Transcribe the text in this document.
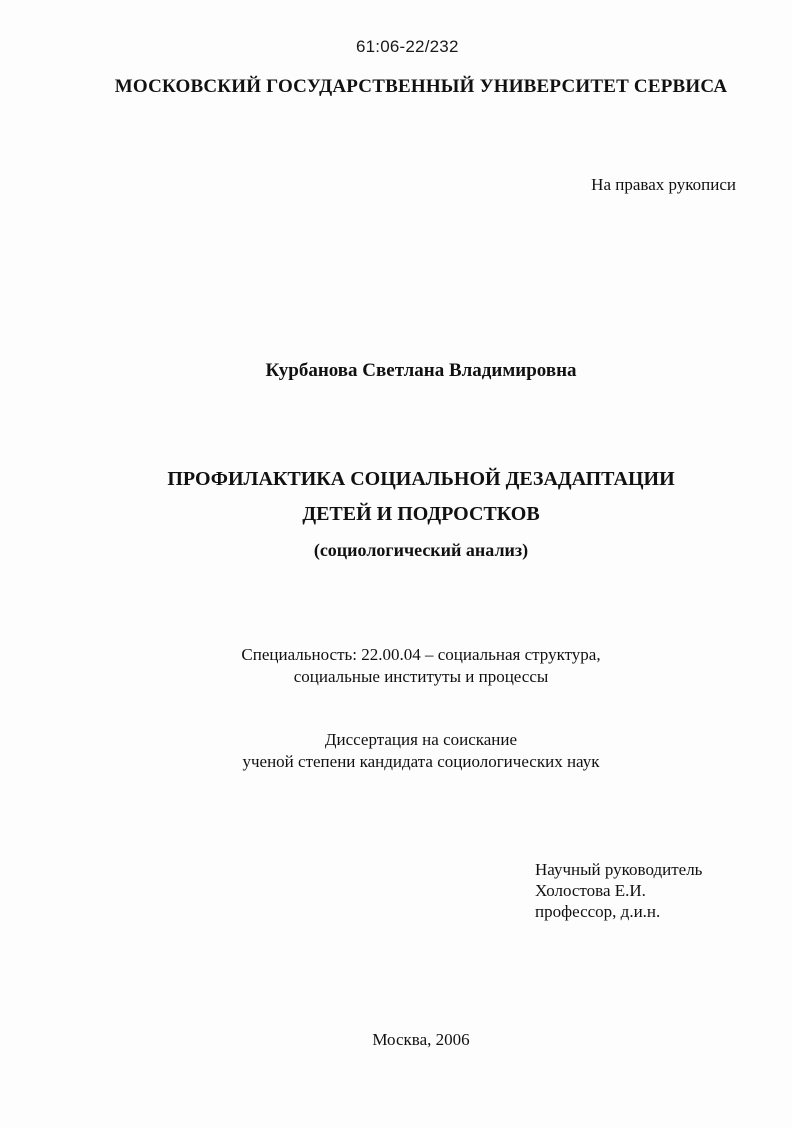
61:06-22/232
МОСКОВСКИЙ ГОСУДАРСТВЕННЫЙ УНИВЕРСИТЕТ СЕРВИСА
На правах рукописи
Курбанова Светлана Владимировна
ПРОФИЛАКТИКА СОЦИАЛЬНОЙ ДЕЗАДАПТАЦИИ
ДЕТЕЙ И ПОДРОСТКОВ
(социологический анализ)
Специальность: 22.00.04 – социальная структура,
социальные институты и процессы
Диссертация на соискание
ученой степени кандидата социологических наук
Научный руководитель
Холостова Е.И.
профессор, д.и.н.
Москва, 2006
